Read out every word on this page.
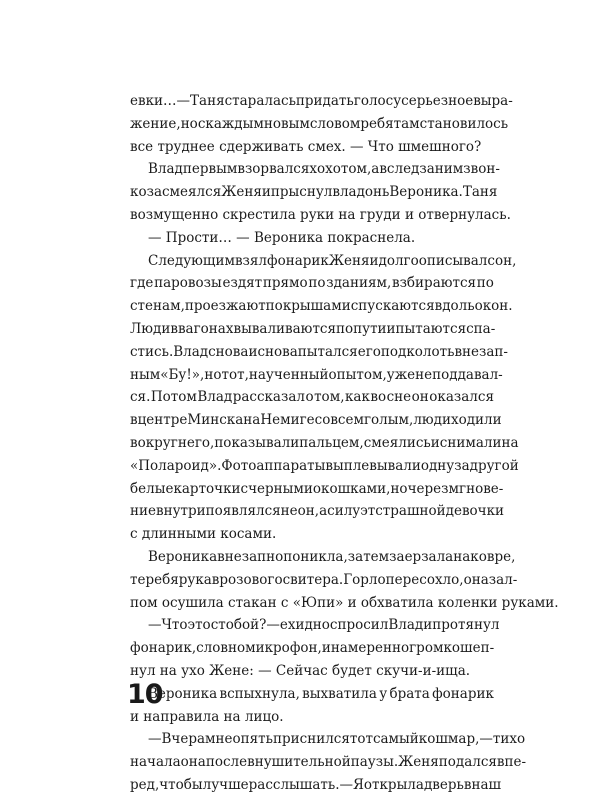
евки… — Таня старалась придать голосу серьезное выра-
жение, но с каждым новым словом ребятам становилось
все труднее сдерживать смех. — Что шмешного?
Влад первым взорвался хохотом, а вслед за ним звон-
ко засмеялся Женя и прыснул в ладонь Вероника. Таня
возмущенно скрестила руки на груди и отвернулась.
— Прости… — Вероника покраснела.
Следующим взял фонарик Женя и долго описывал сон,
где паровозы ездят прямо по зданиям, взбираются по
стенам, проезжают по крышам и спускаются вдоль окон.
Люди в вагонах вываливаются по пути и пытаются спа-
стись. Влад снова и снова пытался его подколоть внезап-
ным «Бу!», но тот, наученный опытом, уже не поддавал-
ся. Потом Влад рассказал о том, как во сне он оказался
в центре Минска на Немиге совсем голым, люди ходили
вокруг него, показывали пальцем, смеялись и снимали на
«Полароид». Фотоаппараты выплевывали одну за другой
белые карточки с черными окошками, но через мгнове-
ние внутри появлялся не он, а силуэт страшной девочки
с длинными косами.
Вероника внезапно поникла, затем заерзала на ковре,
теребя рукав розового свитера. Горло пересохло, она зал-
пом осушила стакан с «Юпи» и обхватила коленки руками.
— Что это с тобой? — ехидно спросил Влад и протянул
фонарик, словно микрофон, и намеренно громко шеп-
нул на ухо Жене: — Сейчас будет скучи-и-ища.
Вероника вспыхнула, выхватила у брата фонарик
и направила на лицо.
— Вчера мне опять приснился тот самый кошмар, — тихо
начала она после внушительной паузы. Женя подался впе-
ред, чтобы лучше расслышать. — Я открыла дверь в наш
10
